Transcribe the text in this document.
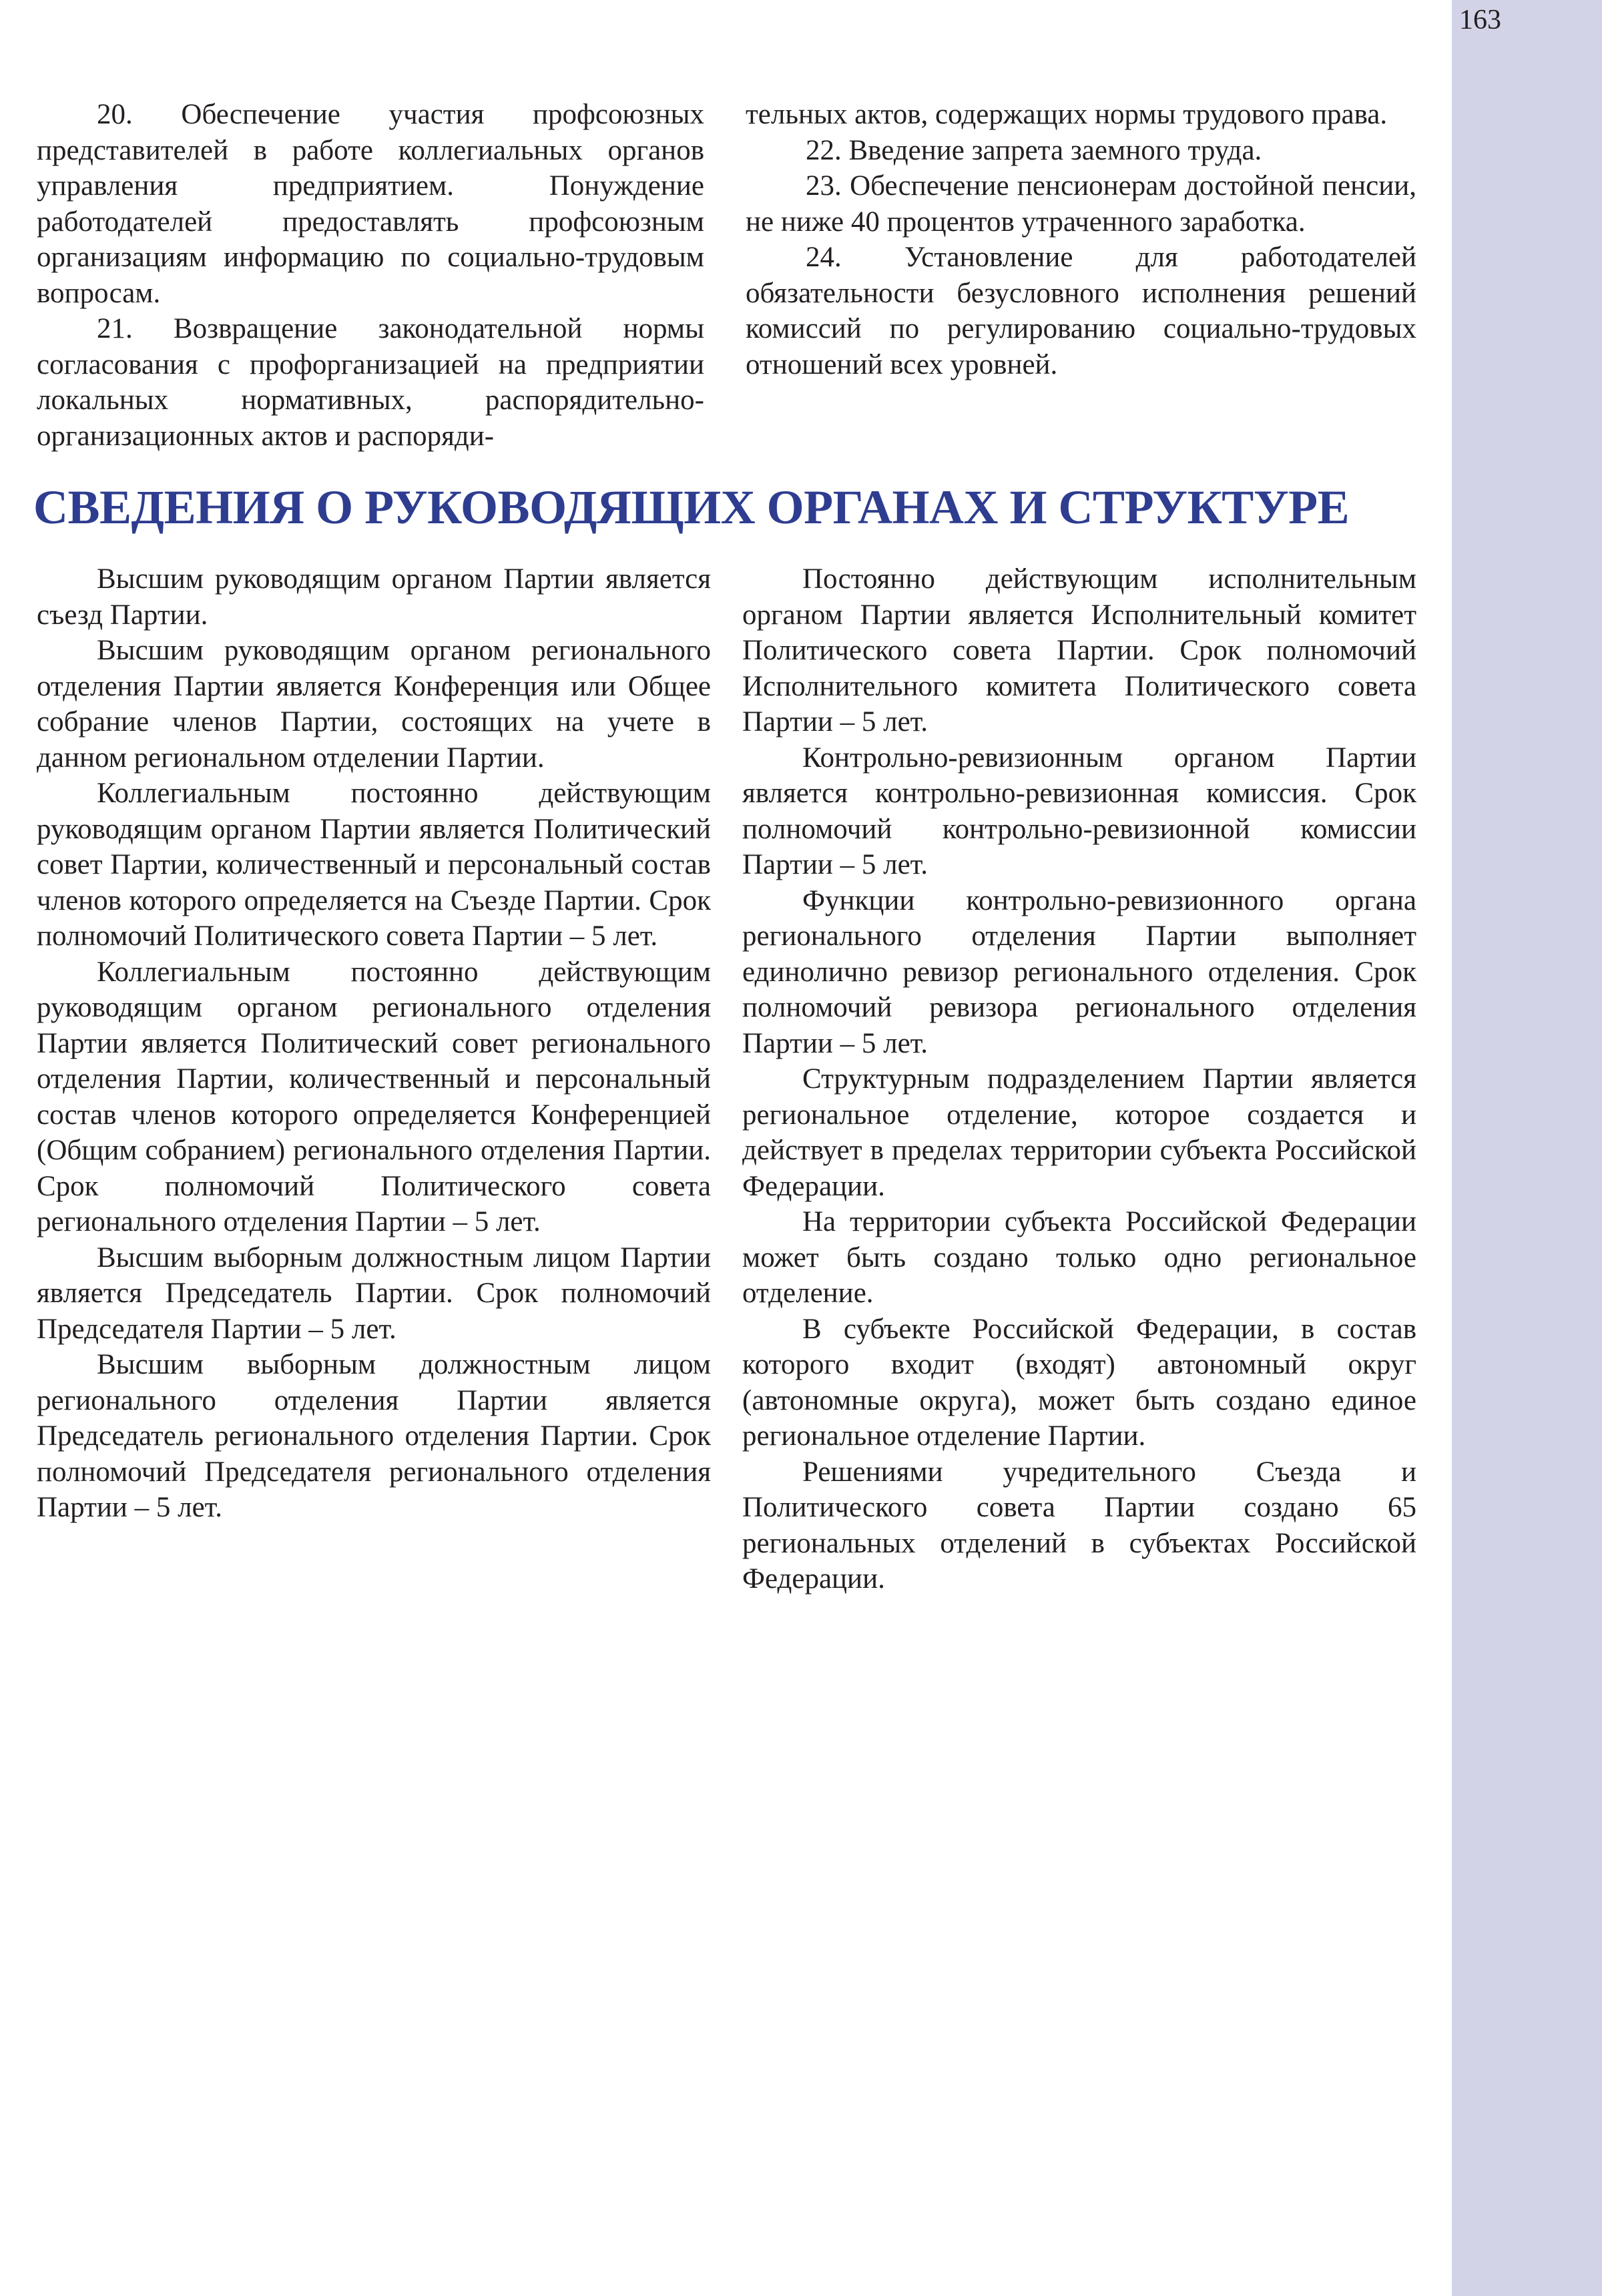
163

20. Обеспечение участия профсоюзных представителей в работе коллегиальных органов управления предприятием. Понуждение работодателей предоставлять профсоюзным организациям информацию по социально-трудовым вопросам.

21. Возвращение законодательной нормы согласования с профорганизацией на предприятии локальных нормативных, распорядительно-организационных актов и распоряди-

тельных актов, содержащих нормы трудового права.

22. Введение запрета заемного труда.

23. Обеспечение пенсионерам достойной пенсии, не ниже 40 процентов утраченного заработка.

24. Установление для работодателей обязательности безусловного исполнения решений комиссий по регулированию социально-трудовых отношений всех уровней.

СВЕДЕНИЯ О РУКОВОДЯЩИХ ОРГАНАХ И СТРУКТУРЕ

Высшим руководящим органом Партии является съезд Партии.

Высшим руководящим органом регионального отделения Партии является Конференция или Общее собрание членов Партии, состоящих на учете в данном региональном отделении Партии.

Коллегиальным постоянно действующим руководящим органом Партии является Политический совет Партии, количественный и персональный состав членов которого определяется на Съезде Партии. Срок полномочий Политического совета Партии – 5 лет.

Коллегиальным постоянно действующим руководящим органом регионального отделения Партии является Политический совет регионального отделения Партии, количественный и персональный состав членов которого определяется Конференцией (Общим собранием) регионального отделения Партии. Срок полномочий Политического совета регионального отделения Партии – 5 лет.

Высшим выборным должностным лицом Партии является Председатель Партии. Срок полномочий Председателя Партии – 5 лет.

Высшим выборным должностным лицом регионального отделения Партии является Председатель регионального отделения Партии. Срок полномочий Председателя регионального отделения Партии – 5 лет.

Постоянно действующим исполнительным органом Партии является Исполнительный комитет Политического совета Партии. Срок полномочий Исполнительного комитета Политического совета Партии – 5 лет.

Контрольно-ревизионным органом Партии является контрольно-ревизионная комиссия. Срок полномочий контрольно-ревизионной комиссии Партии – 5 лет.

Функции контрольно-ревизионного органа регионального отделения Партии выполняет единолично ревизор регионального отделения. Срок полномочий ревизора регионального отделения Партии – 5 лет.

Структурным подразделением Партии является региональное отделение, которое создается и действует в пределах территории субъекта Российской Федерации.

На территории субъекта Российской Федерации может быть создано только одно региональное отделение.

В субъекте Российской Федерации, в состав которого входит (входят) автономный округ (автономные округа), может быть создано единое региональное отделение Партии.

Решениями учредительного Съезда и Политического совета Партии создано 65 региональных отделений в субъектах Российской Федерации.
